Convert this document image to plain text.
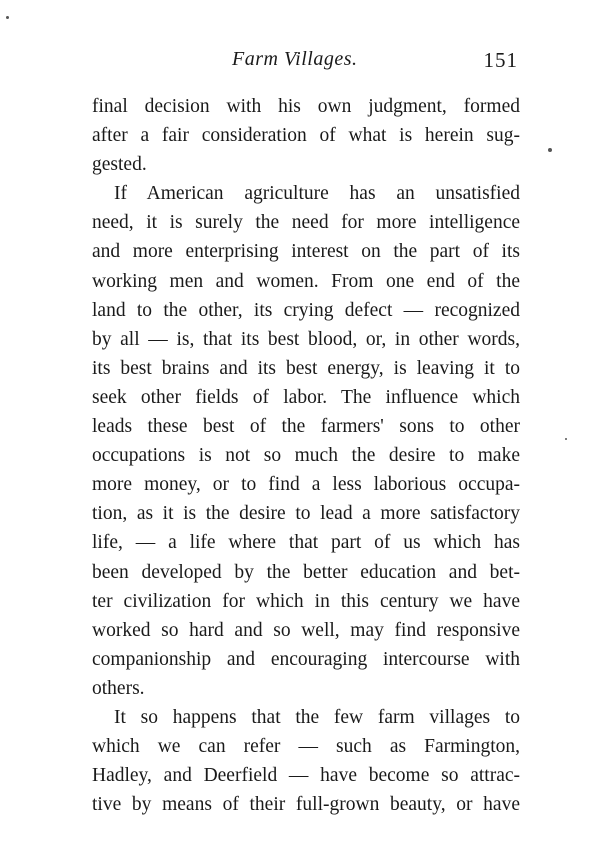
Farm Villages.	151
final decision with his own judgment, formed
after a fair consideration of what is herein sug-
gested.
If American agriculture has an unsatisfied
need, it is surely the need for more intelligence
and more enterprising interest on the part of its
working men and women. From one end of the
land to the other, its crying defect — recognized
by all — is, that its best blood, or, in other words,
its best brains and its best energy, is leaving it to
seek other fields of labor. The influence which
leads these best of the farmers' sons to other
occupations is not so much the desire to make
more money, or to find a less laborious occupa-
tion, as it is the desire to lead a more satisfactory
life, — a life where that part of us which has
been developed by the better education and bet-
ter civilization for which in this century we have
worked so hard and so well, may find responsive
companionship and encouraging intercourse with
others.
It so happens that the few farm villages to
which we can refer — such as Farmington,
Hadley, and Deerfield — have become so attrac-
tive by means of their full-grown beauty, or have
